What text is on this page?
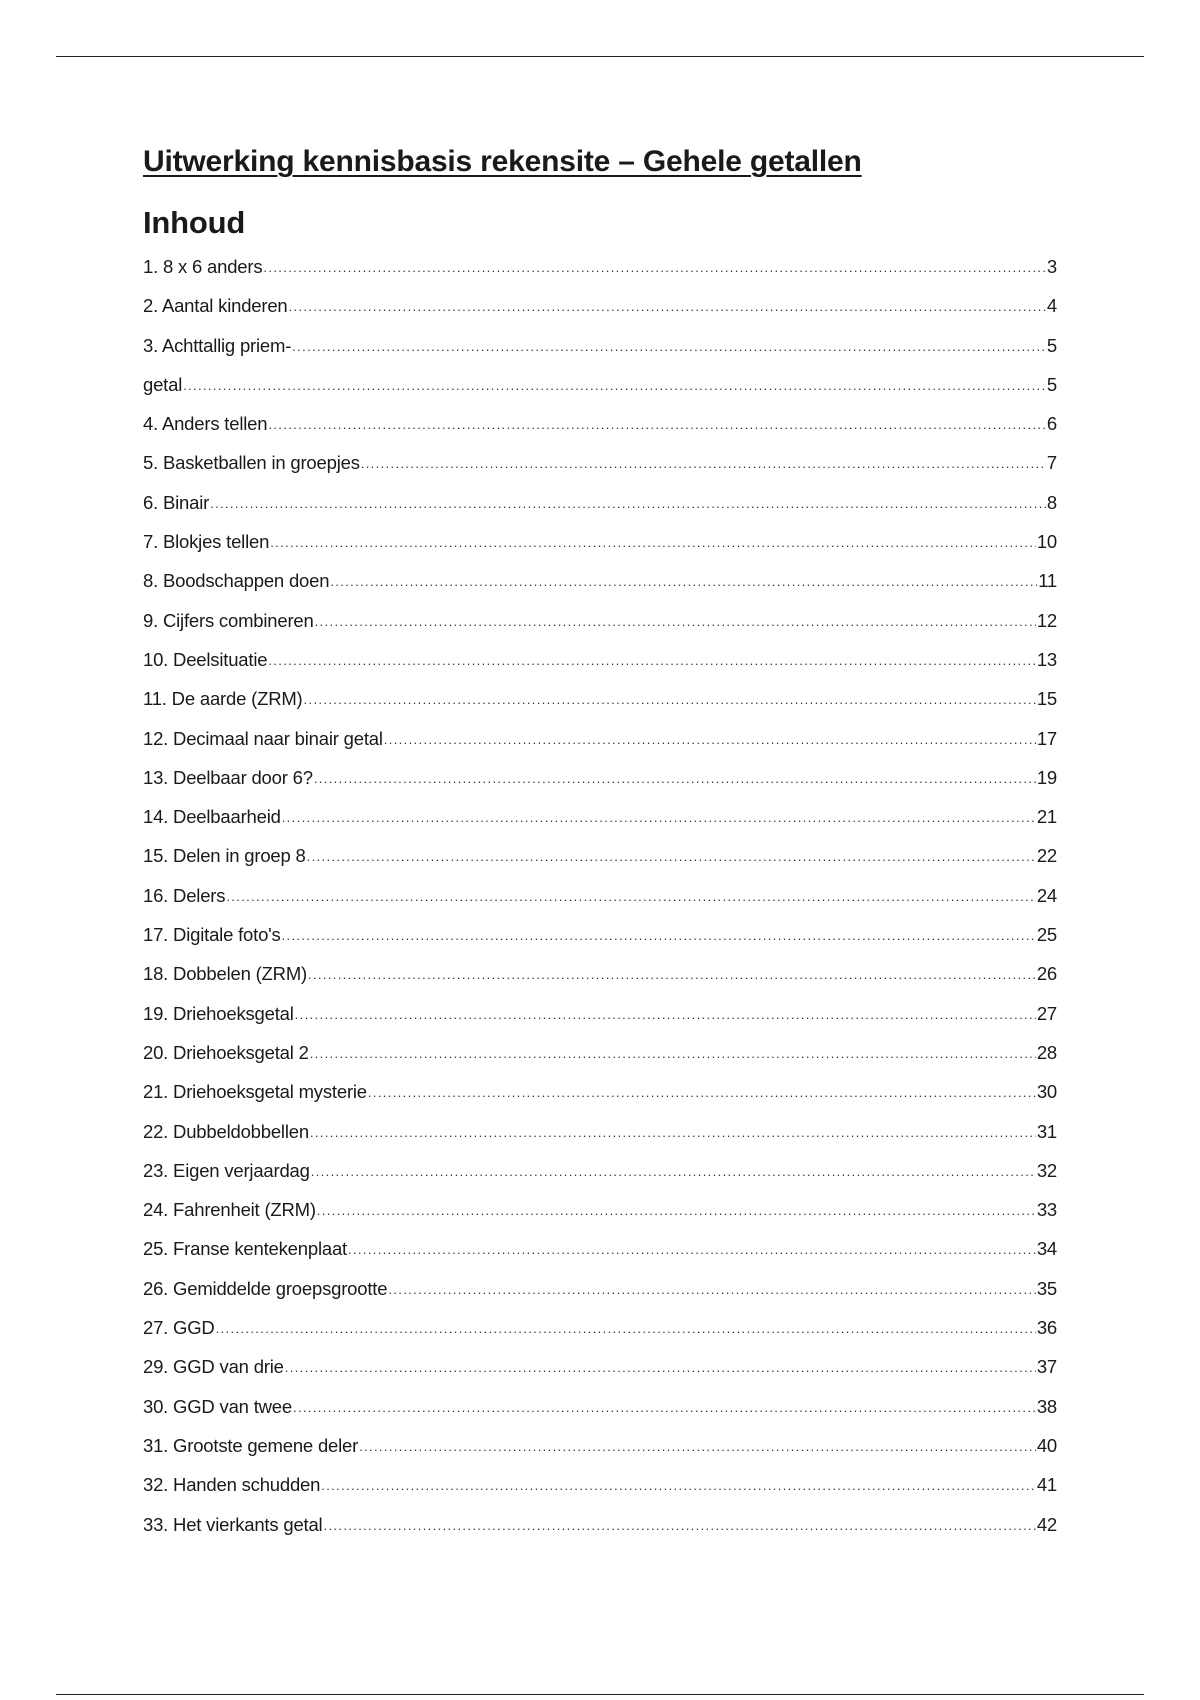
Uitwerking kennisbasis rekensite – Gehele getallen
Inhoud
1. 8 x 6 anders .....	3
2. Aantal kinderen .....	4
3. Achttallig priem- .....	5
getal .....	5
4. Anders tellen .....	6
5. Basketballen in groepjes .....	7
6. Binair .....	8
7. Blokjes tellen .....	10
8. Boodschappen doen .....	11
9. Cijfers combineren .....	12
10. Deelsituatie .....	13
11. De aarde (ZRM) .....	15
12. Decimaal naar binair getal .....	17
13. Deelbaar door 6? .....	19
14. Deelbaarheid .....	21
15. Delen in groep 8 .....	22
16. Delers .....	24
17. Digitale foto's .....	25
18. Dobbelen (ZRM) .....	26
19. Driehoeksgetal .....	27
20. Driehoeksgetal 2 .....	28
21. Driehoeksgetal mysterie .....	30
22. Dubbeldobbellen .....	31
23. Eigen verjaardag .....	32
24. Fahrenheit (ZRM) .....	33
25. Franse kentekenplaat .....	34
26. Gemiddelde groepsgrootte .....	35
27. GGD .....	36
29. GGD van drie .....	37
30. GGD van twee .....	38
31. Grootste gemene deler .....	40
32. Handen schudden .....	41
33. Het vierkants getal .....	42
